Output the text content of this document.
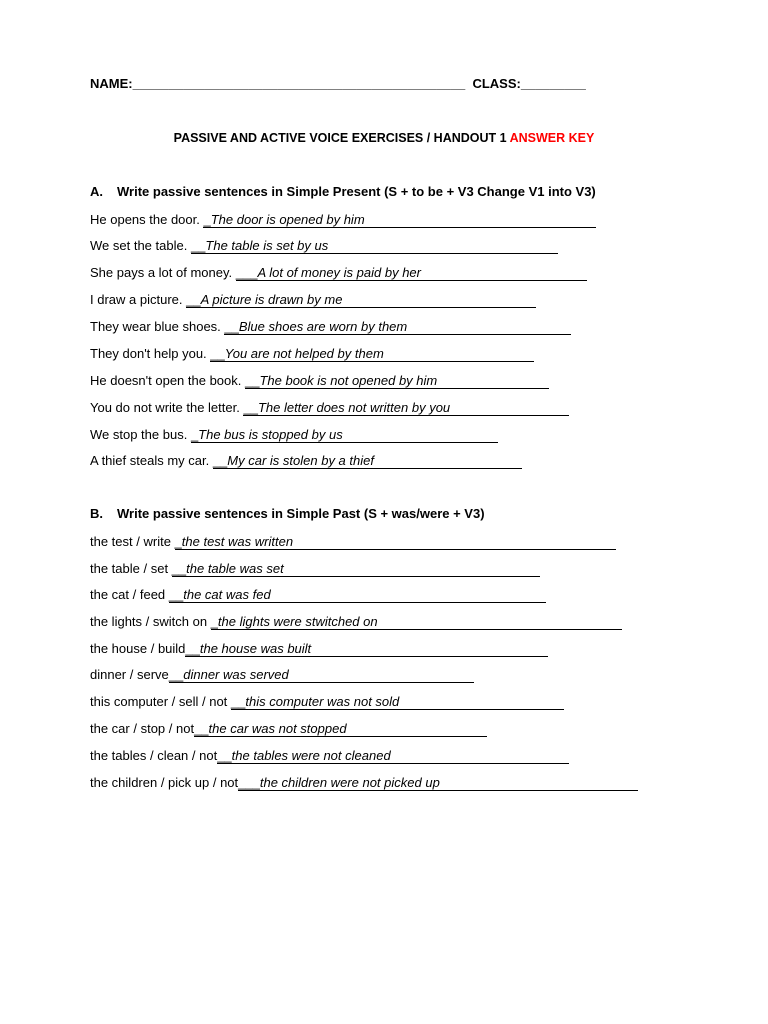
NAME:______________________________________________ CLASS:_________
PASSIVE AND ACTIVE VOICE EXERCISES / HANDOUT 1 ANSWER KEY
A. Write passive sentences in Simple Present (S + to be + V3 Change V1 into V3)
He opens the door. _The door is opened by him
We set the table. __The table is set by us
She pays a lot of money. ___A lot of money is paid by her
I draw a picture. __A picture is drawn by me
They wear blue shoes. __Blue shoes are worn by them
They don't help you. __You are not helped by them
He doesn't open the book. __The book is not opened by him
You do not write the letter. __The letter does not written by you
We stop the bus. _The bus is stopped by us
A thief steals my car. __My car is stolen by a thief
B. Write passive sentences in Simple Past (S + was/were + V3)
the test / write _the test was written
the table / set __the table was set
the cat / feed __the cat was fed
the lights / switch on _the lights were stwitched on
the house / build__the house was built
dinner / serve__dinner was served
this computer / sell / not __this computer was not sold
the car / stop / not__the car was not stopped
the tables / clean / not__the tables were not cleaned
the children / pick up / not___the children were not picked up
